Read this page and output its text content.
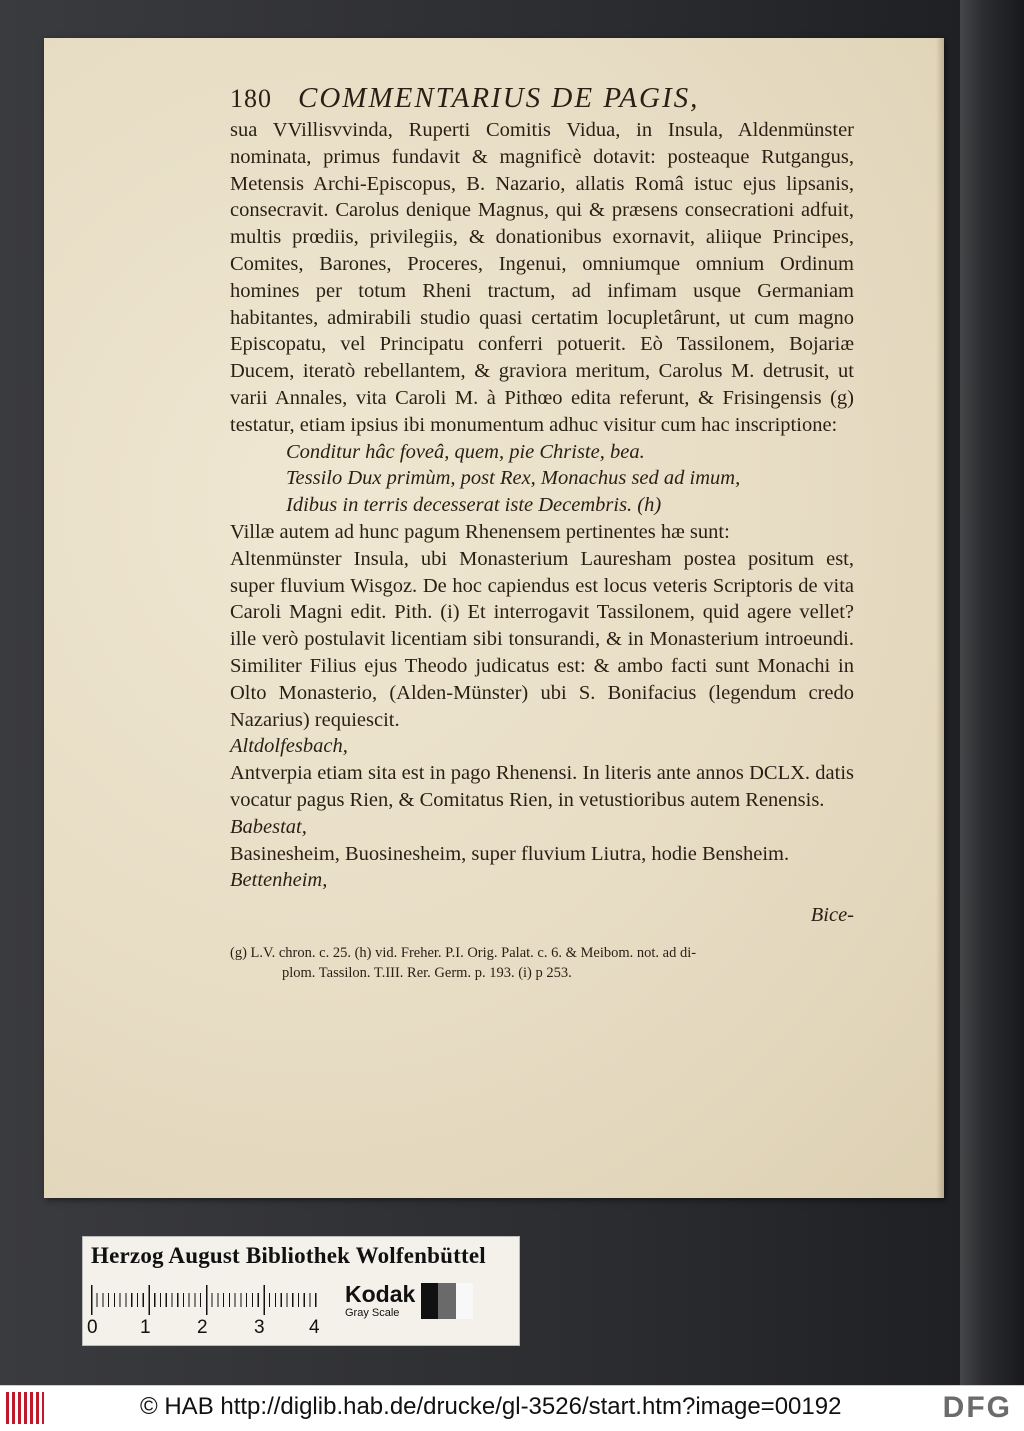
180 COMMENTARIUS DE PAGIS,

sua VVillisvvinda, Ruperti Comitis Vidua, in Insula, Aldenmünster nominata, primus fundavit & magnificè dotavit: posteaque Rutgangus, Metensis Archi-Episcopus, B. Nazario, allatis Româ istuc ejus lipsanis, consecravit. Carolus denique Magnus, qui & præsens consecrationi adfuit, multis prœdiis, privilegiis, & donationibus exornavit, aliique Principes, Comites, Barones, Proceres, Ingenui, omniumque omnium Ordinum homines per totum Rheni tractum, ad infimam usque Germaniam habitantes, admirabili studio quasi certatim locupletârunt, ut cum magno Episcopatu, vel Principatu conferri potuerit. Eò Tassilonem, Bojariæ Ducem, iteratò rebellantem, & graviora meritum, Carolus M. detrusit, ut varii Annales, vita Caroli M. à Pithœo edita referunt, & Frisingensis (g) testatur, etiam ipsius ibi monumentum adhuc visitur cum hac inscriptione:

Conditur hâc foveâ, quem, pie Christe, bea.
Tessilo Dux primùm, post Rex, Monachus sed ad imum,
Idibus in terris decesserat iste Decembris. (h)
Villæ autem ad hunc pagum Rhenensem pertinentes hæ sunt:
Altenmünster Insula, ubi Monasterium Lauresham postea positum est, super fluvium Wisgoz. De hoc capiendus est locus veteris Scriptoris de vita Caroli Magni edit. Pith. (i) Et interrogavit Tassilonem, quid agere vellet? ille verò postulavit licentiam sibi tonsurandi, & in Monasterium introeundi. Similiter Filius ejus Theodo judicatus est: & ambo facti sunt Monachi in Olto Monasterio, (Alden-Münster) ubi S. Bonifacius (legendum credo Nazarius) requiescit.
Altdolfesbach,
Antverpia etiam sita est in pago Rhenensi. In literis ante annos DCLX. datis vocatur pagus Rien, & Comitatus Rien, in vetustioribus autem Renensis.
Babestat,
Basinesheim, Buosinesheim, super fluvium Liutra, hodie Bensheim.
Bettenheim,
Bice-
(g) L.V. chron. c. 25. (h) vid. Freher. P.I. Orig. Palat. c. 6. & Meibom. not. ad di-
plom. Tassilon. T.III. Rer. Germ. p. 193. (i) p 253.
Herzog August Bibliothek Wolfenbüttel
0 1 2 3 4
Kodak
Gray Scale
© HAB http://diglib.hab.de/drucke/gl-3526/start.htm?image=00192	DFG
